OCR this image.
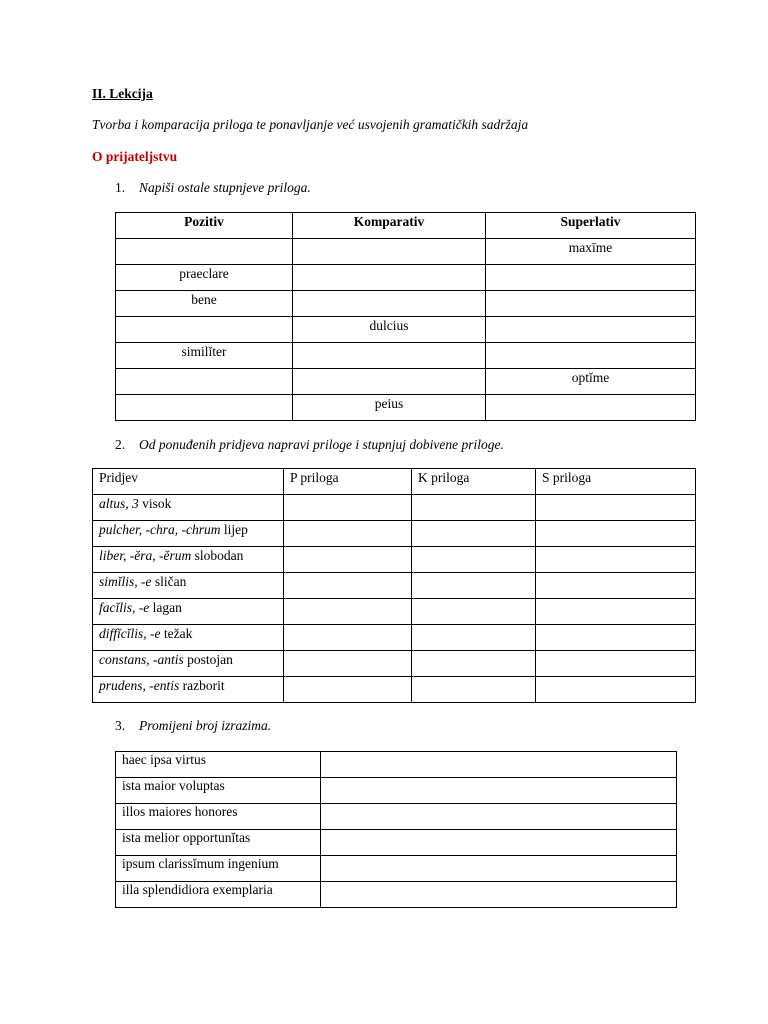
II. Lekcija
Tvorba i komparacija priloga te ponavljanje već usvojenih gramatičkih sadržaja
O prijateljstvu
1. Napiši ostale stupnjeve priloga.
Pozitiv	Komparativ	Superlativ
		maxīme
praeclare		
bene		
	dulcius	
similĭter		
		optĭme
	peius	
2. Od ponuđenih pridjeva napravi priloge i stupnjuj dobivene priloge.
Pridjev	P priloga	K priloga	S priloga
altus, 3 visok			
pulcher, -chra, -chrum lijep			
liber, -ĕra, -ĕrum slobodan			
simĭlis, -e sličan			
facĭlis, -e lagan			
diffĭcĭlis, -e težak			
constans, -antis postojan			
prudens, -entis razborit			
3. Promijeni broj izrazima.
haec ipsa virtus	
ista maior voluptas	
illos maiores honores	
ista melior opportunĭtas	
ipsum clarissĭmum ingenium	
illa splendidiora exemplaria	
